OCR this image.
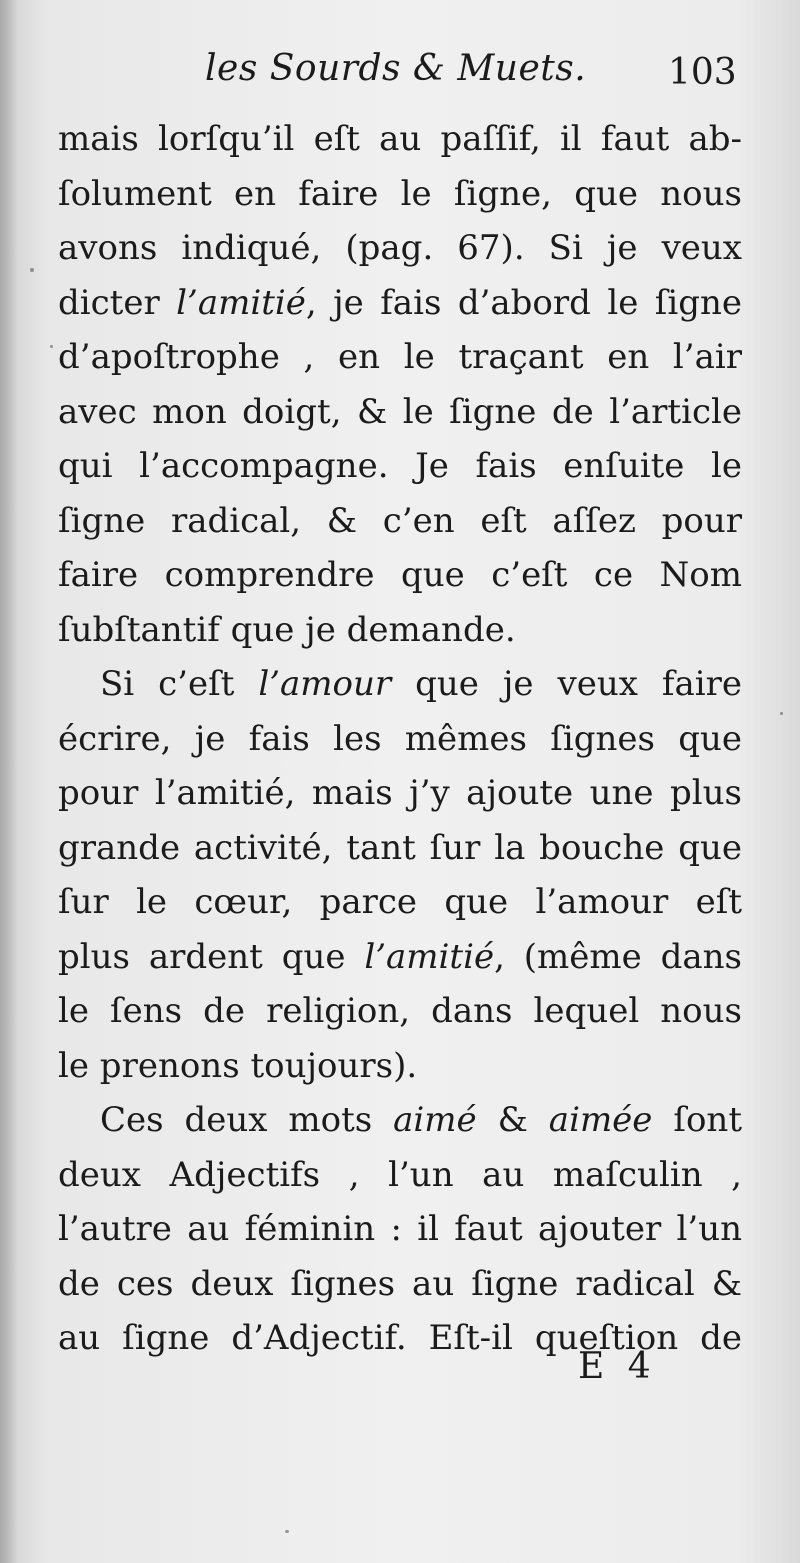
les Sourds & Muets. 103
mais lorſqu’il eſt au paſſif, il faut ab-
ſolument en faire le ſigne, que nous
avons indiqué, (pag. 67). Si je veux
dicter l’amitié, je fais d’abord le ſigne
d’apoſtrophe , en le traçant en l’air
avec mon doigt, & le ſigne de l’article
qui l’accompagne. Je fais enſuite le
ſigne radical, & c’en eſt aſſez pour
faire comprendre que c’eſt ce Nom
ſubſtantif que je demande.
Si c’eſt l’amour que je veux faire
écrire, je fais les mêmes ſignes que
pour l’amitié, mais j’y ajoute une plus
grande activité, tant ſur la bouche que
ſur le cœur, parce que l’amour eſt
plus ardent que l’amitié, (même dans
le ſens de religion, dans lequel nous
le prenons toujours).
Ces deux mots aimé & aimée ſont
deux Adjectifs , l’un au maſculin ,
l’autre au féminin : il faut ajouter l’un
de ces deux ſignes au ſigne radical &
au ſigne d’Adjectif. Eſt-il queſtion de
E 4
